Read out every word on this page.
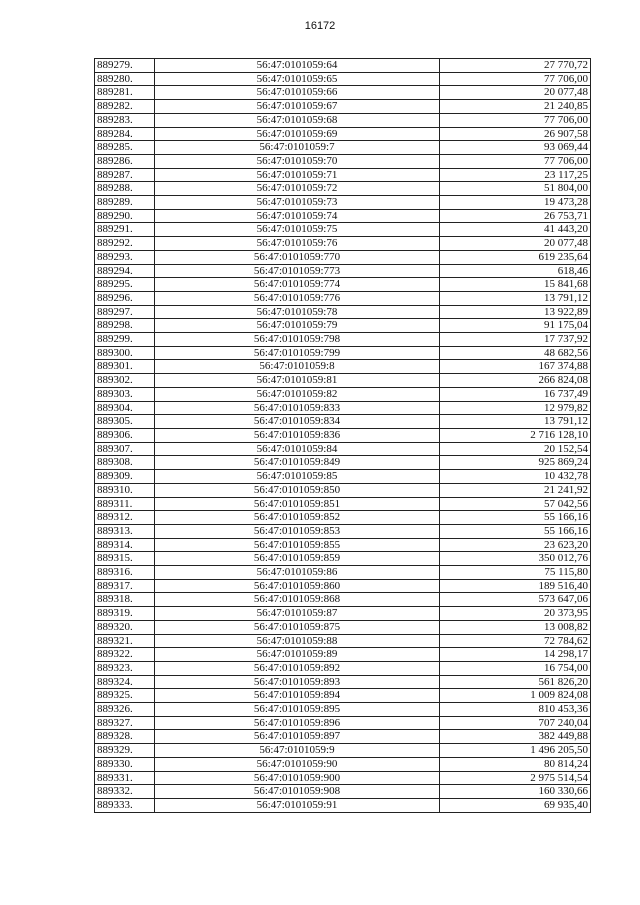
16172
889279.	56:47:0101059:64	27 770,72
889280.	56:47:0101059:65	77 706,00
889281.	56:47:0101059:66	20 077,48
889282.	56:47:0101059:67	21 240,85
889283.	56:47:0101059:68	77 706,00
889284.	56:47:0101059:69	26 907,58
889285.	56:47:0101059:7	93 069,44
889286.	56:47:0101059:70	77 706,00
889287.	56:47:0101059:71	23 117,25
889288.	56:47:0101059:72	51 804,00
889289.	56:47:0101059:73	19 473,28
889290.	56:47:0101059:74	26 753,71
889291.	56:47:0101059:75	41 443,20
889292.	56:47:0101059:76	20 077,48
889293.	56:47:0101059:770	619 235,64
889294.	56:47:0101059:773	618,46
889295.	56:47:0101059:774	15 841,68
889296.	56:47:0101059:776	13 791,12
889297.	56:47:0101059:78	13 922,89
889298.	56:47:0101059:79	91 175,04
889299.	56:47:0101059:798	17 737,92
889300.	56:47:0101059:799	48 682,56
889301.	56:47:0101059:8	167 374,88
889302.	56:47:0101059:81	266 824,08
889303.	56:47:0101059:82	16 737,49
889304.	56:47:0101059:833	12 979,82
889305.	56:47:0101059:834	13 791,12
889306.	56:47:0101059:836	2 716 128,10
889307.	56:47:0101059:84	20 152,54
889308.	56:47:0101059:849	925 869,24
889309.	56:47:0101059:85	10 432,78
889310.	56:47:0101059:850	21 241,92
889311.	56:47:0101059:851	57 042,56
889312.	56:47:0101059:852	55 166,16
889313.	56:47:0101059:853	55 166,16
889314.	56:47:0101059:855	23 623,20
889315.	56:47:0101059:859	350 012,76
889316.	56:47:0101059:86	75 115,80
889317.	56:47:0101059:860	189 516,40
889318.	56:47:0101059:868	573 647,06
889319.	56:47:0101059:87	20 373,95
889320.	56:47:0101059:875	13 008,82
889321.	56:47:0101059:88	72 784,62
889322.	56:47:0101059:89	14 298,17
889323.	56:47:0101059:892	16 754,00
889324.	56:47:0101059:893	561 826,20
889325.	56:47:0101059:894	1 009 824,08
889326.	56:47:0101059:895	810 453,36
889327.	56:47:0101059:896	707 240,04
889328.	56:47:0101059:897	382 449,88
889329.	56:47:0101059:9	1 496 205,50
889330.	56:47:0101059:90	80 814,24
889331.	56:47:0101059:900	2 975 514,54
889332.	56:47:0101059:908	160 330,66
889333.	56:47:0101059:91	69 935,40
